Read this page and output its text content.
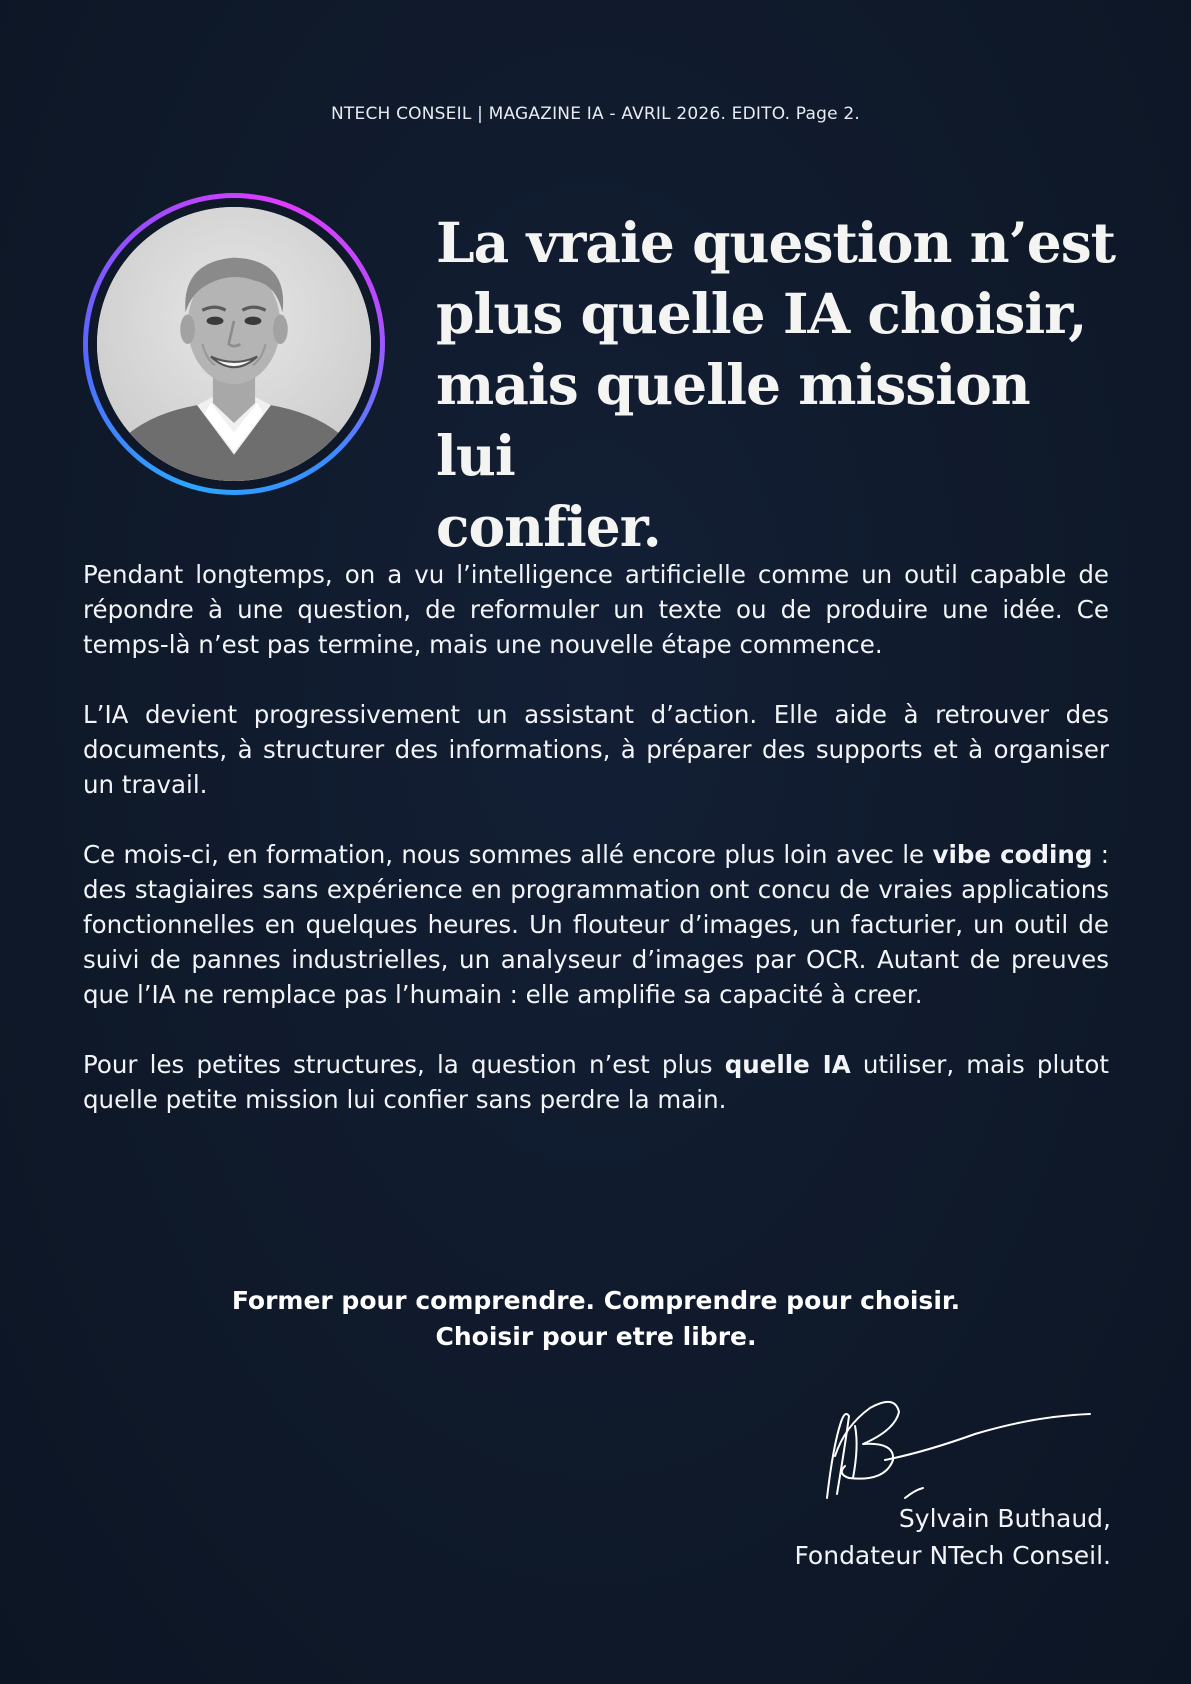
NTECH CONSEIL | MAGAZINE IA - AVRIL 2026. EDITO. Page 2.
La vraie question n’est
plus quelle IA choisir,
mais quelle mission lui
confier.

Pendant longtemps, on a vu l’intelligence artificielle comme un outil capable de répondre à une question, de reformuler un texte ou de produire une idée. Ce temps-là n’est pas termine, mais une nouvelle étape commence.

L’IA devient progressivement un assistant d’action. Elle aide à retrouver des documents, à structurer des informations, à préparer des supports et à organiser un travail.

Ce mois-ci, en formation, nous sommes allé encore plus loin avec le vibe coding : des stagiaires sans expérience en programmation ont concu de vraies applications fonctionnelles en quelques heures. Un flouteur d’images, un facturier, un outil de suivi de pannes industrielles, un analyseur d’images par OCR. Autant de preuves que l’IA ne remplace pas l’humain : elle amplifie sa capacité à creer.

Pour les petites structures, la question n’est plus quelle IA utiliser, mais plutot quelle petite mission lui confier sans perdre la main.

Former pour comprendre. Comprendre pour choisir.
Choisir pour etre libre.
Sylvain Buthaud,
Fondateur NTech Conseil.
